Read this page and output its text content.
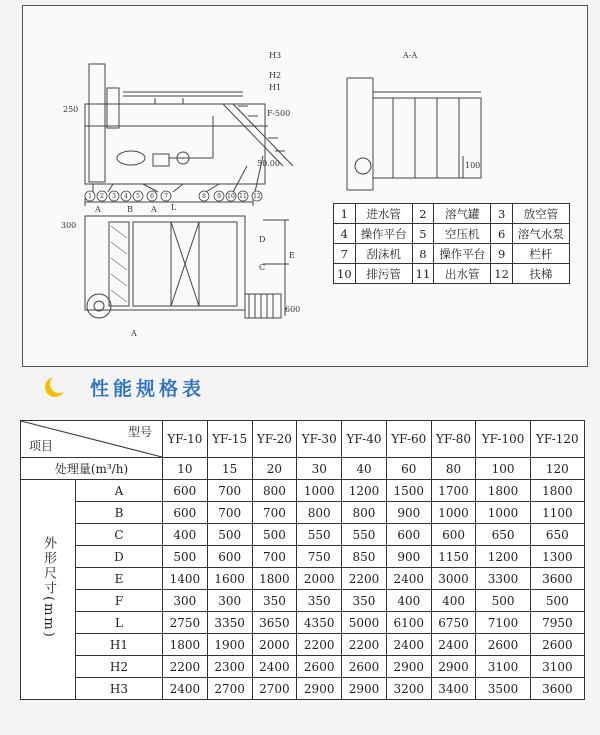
1 2 3 4 5 6 7	8 9 10 11 12
A-A
H3
H2
H1
250	F-500
50.00	100
300
A	L
B
D
C
E
600
A
A	1	进水管	2	溶气罐	3	放空管
4	操作平台	5	空压机	6	溶气水泵
7	刮沫机	8	操作平台	9	栏杆
10	排污管	11	出水管	12	扶梯
性能规格表
型号
项目		YF-10	YF-15	YF-20	YF-30	YF-40	YF-60	YF-80	YF-100	YF-120
处理量(m³/h)		10	15	20	30	40	60	80	100	120
外形尺寸(mm)	A	600	700	800	1000	1200	1500	1700	1800	1800
	B	600	700	700	800	800	900	1000	1000	1100
	C	400	500	500	550	550	600	600	650	650
	D	500	600	700	750	850	900	1150	1200	1300
	E	1400	1600	1800	2000	2200	2400	3000	3300	3600
	F	300	300	350	350	350	400	400	500	500
	L	2750	3350	3650	4350	5000	6100	6750	7100	7950
	H1	1800	1900	2000	2200	2200	2400	2400	2600	2600
	H2	2200	2300	2400	2600	2600	2900	2900	3100	3100
	H3	2400	2700	2700	2900	2900	3200	3400	3500	3600
